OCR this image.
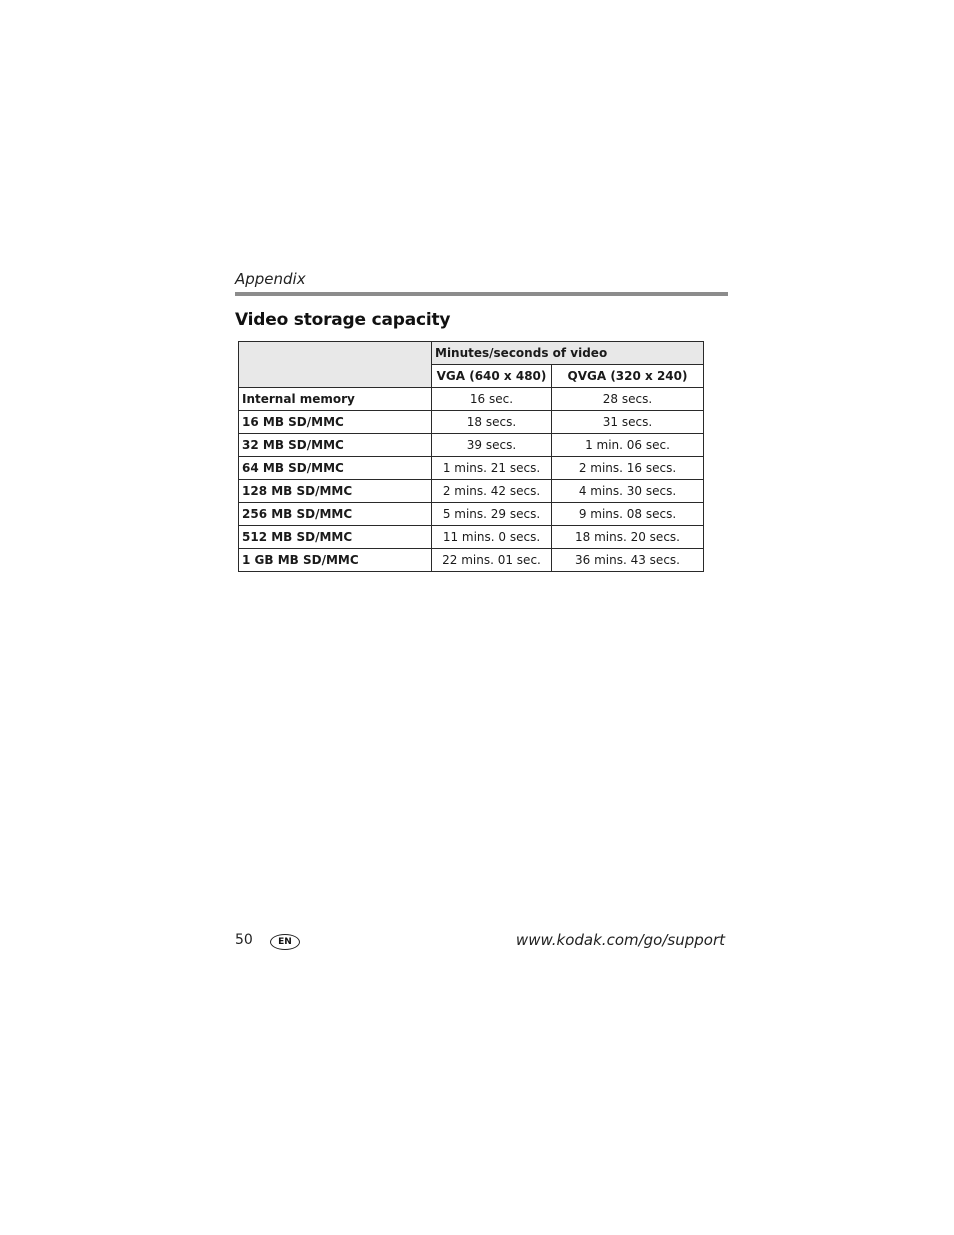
Appendix
Video storage capacity
	Minutes/seconds of video	
	VGA (640 x 480)	QVGA (320 x 240)
Internal memory	16 sec.	28 secs.
16 MB SD/MMC	18 secs.	31 secs.
32 MB SD/MMC	39 secs.	1 min. 06 sec.
64 MB SD/MMC	1 mins. 21 secs.	2 mins. 16 secs.
128 MB SD/MMC	2 mins. 42 secs.	4 mins. 30 secs.
256 MB SD/MMC	5 mins. 29 secs.	9 mins. 08 secs.
512 MB SD/MMC	11 mins. 0 secs.	18 mins. 20 secs.
1 GB MB SD/MMC	22 mins. 01 sec.	36 mins. 43 secs.
50	EN	www.kodak.com/go/support
